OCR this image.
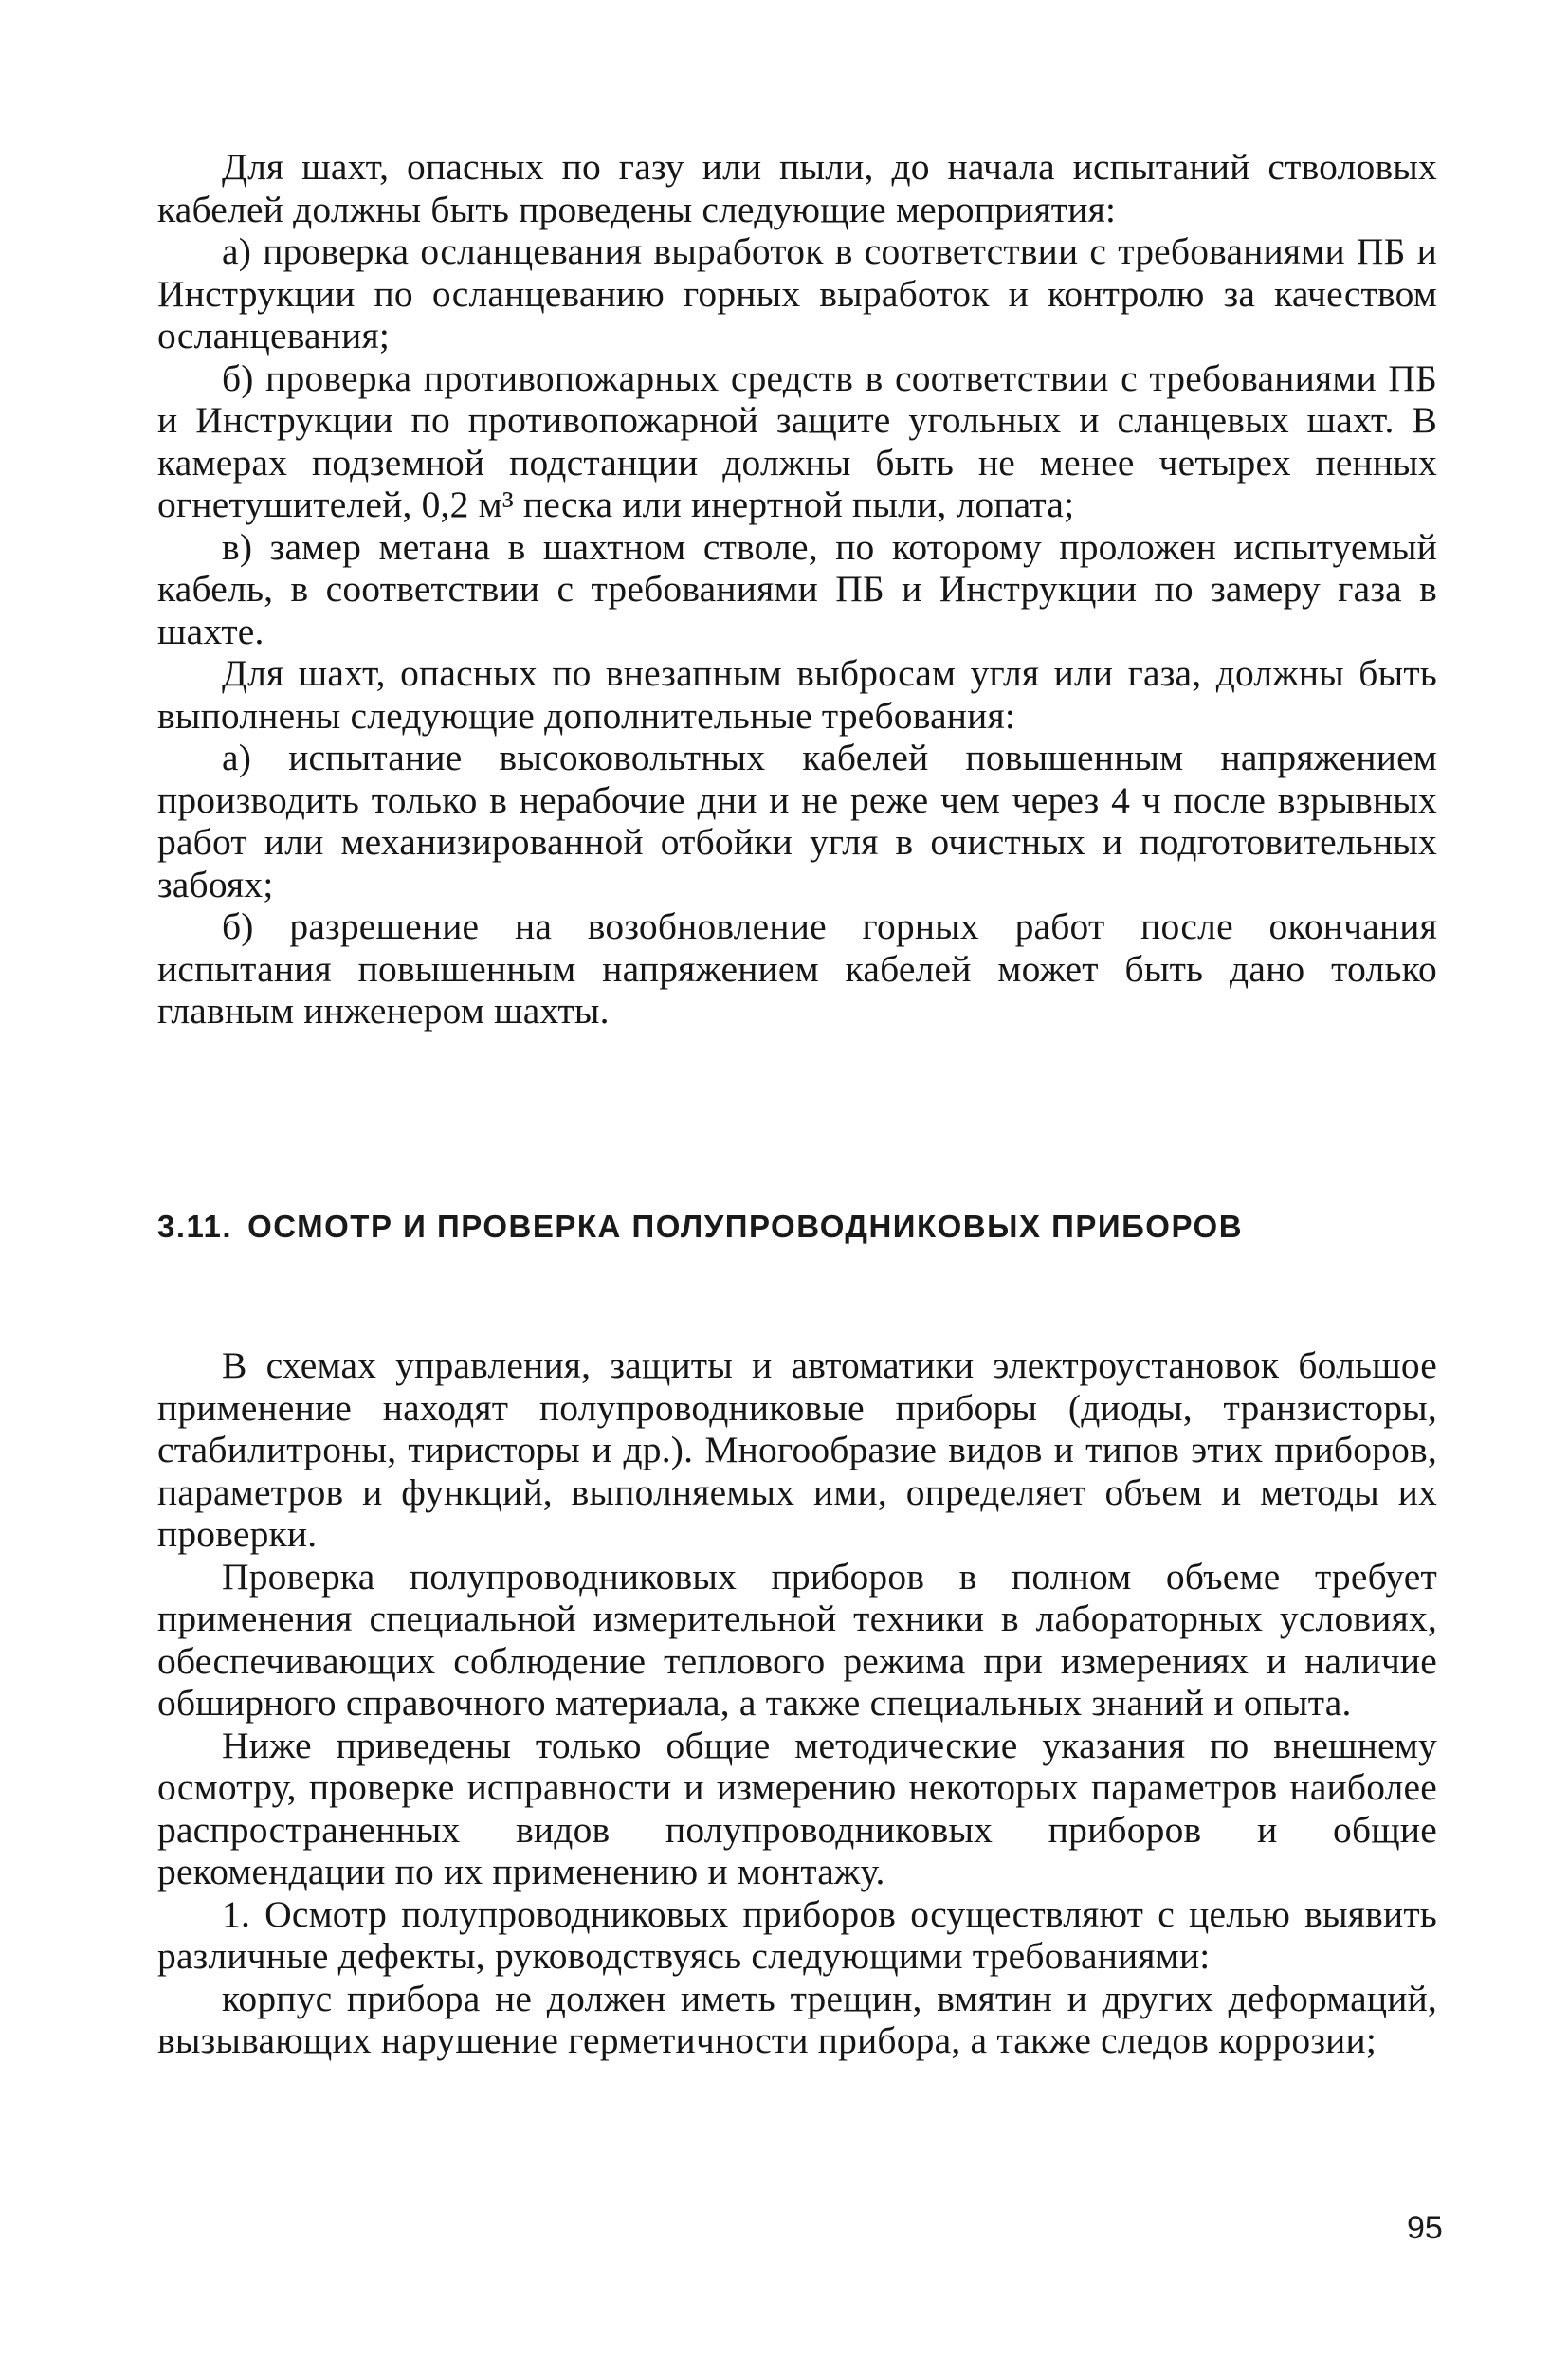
Для шахт, опасных по газу или пыли, до начала испытаний стволовых кабелей должны быть проведены следующие мероприятия:

а) проверка осланцевания выработок в соответствии с требованиями ПБ и Инструкции по осланцеванию горных выработок и контролю за качеством осланцевания;

б) проверка противопожарных средств в соответствии с требованиями ПБ и Инструкции по противопожарной защите угольных и сланцевых шахт. В камерах подземной подстанции должны быть не менее четырех пенных огнетушителей, 0,2 м³ песка или инертной пыли, лопата;

в) замер метана в шахтном стволе, по которому проложен испытуемый кабель, в соответствии с требованиями ПБ и Инструкции по замеру газа в шахте.

Для шахт, опасных по внезапным выбросам угля или газа, должны быть выполнены следующие дополнительные требования:

а) испытание высоковольтных кабелей повышенным напряжением производить только в нерабочие дни и не реже чем через 4 ч после взрывных работ или механизированной отбойки угля в очистных и подготовительных забоях;

б) разрешение на возобновление горных работ после окончания испытания повышенным напряжением кабелей может быть дано только главным инженером шахты.

3.11. ОСМОТР И ПРОВЕРКА ПОЛУПРОВОДНИКОВЫХ ПРИБОРОВ

В схемах управления, защиты и автоматики электроустановок большое применение находят полупроводниковые приборы (диоды, транзисторы, стабилитроны, тиристоры и др.). Многообразие видов и типов этих приборов, параметров и функций, выполняемых ими, определяет объем и методы их проверки.

Проверка полупроводниковых приборов в полном объеме требует применения специальной измерительной техники в лабораторных условиях, обеспечивающих соблюдение теплового режима при измерениях и наличие обширного справочного материала, а также специальных знаний и опыта.

Ниже приведены только общие методические указания по внешнему осмотру, проверке исправности и измерению некоторых параметров наиболее распространенных видов полупроводниковых приборов и общие рекомендации по их применению и монтажу.

1. Осмотр полупроводниковых приборов осуществляют с целью выявить различные дефекты, руководствуясь следующими требованиями:

корпус прибора не должен иметь трещин, вмятин и других деформаций, вызывающих нарушение герметичности прибора, а также следов коррозии;

95
